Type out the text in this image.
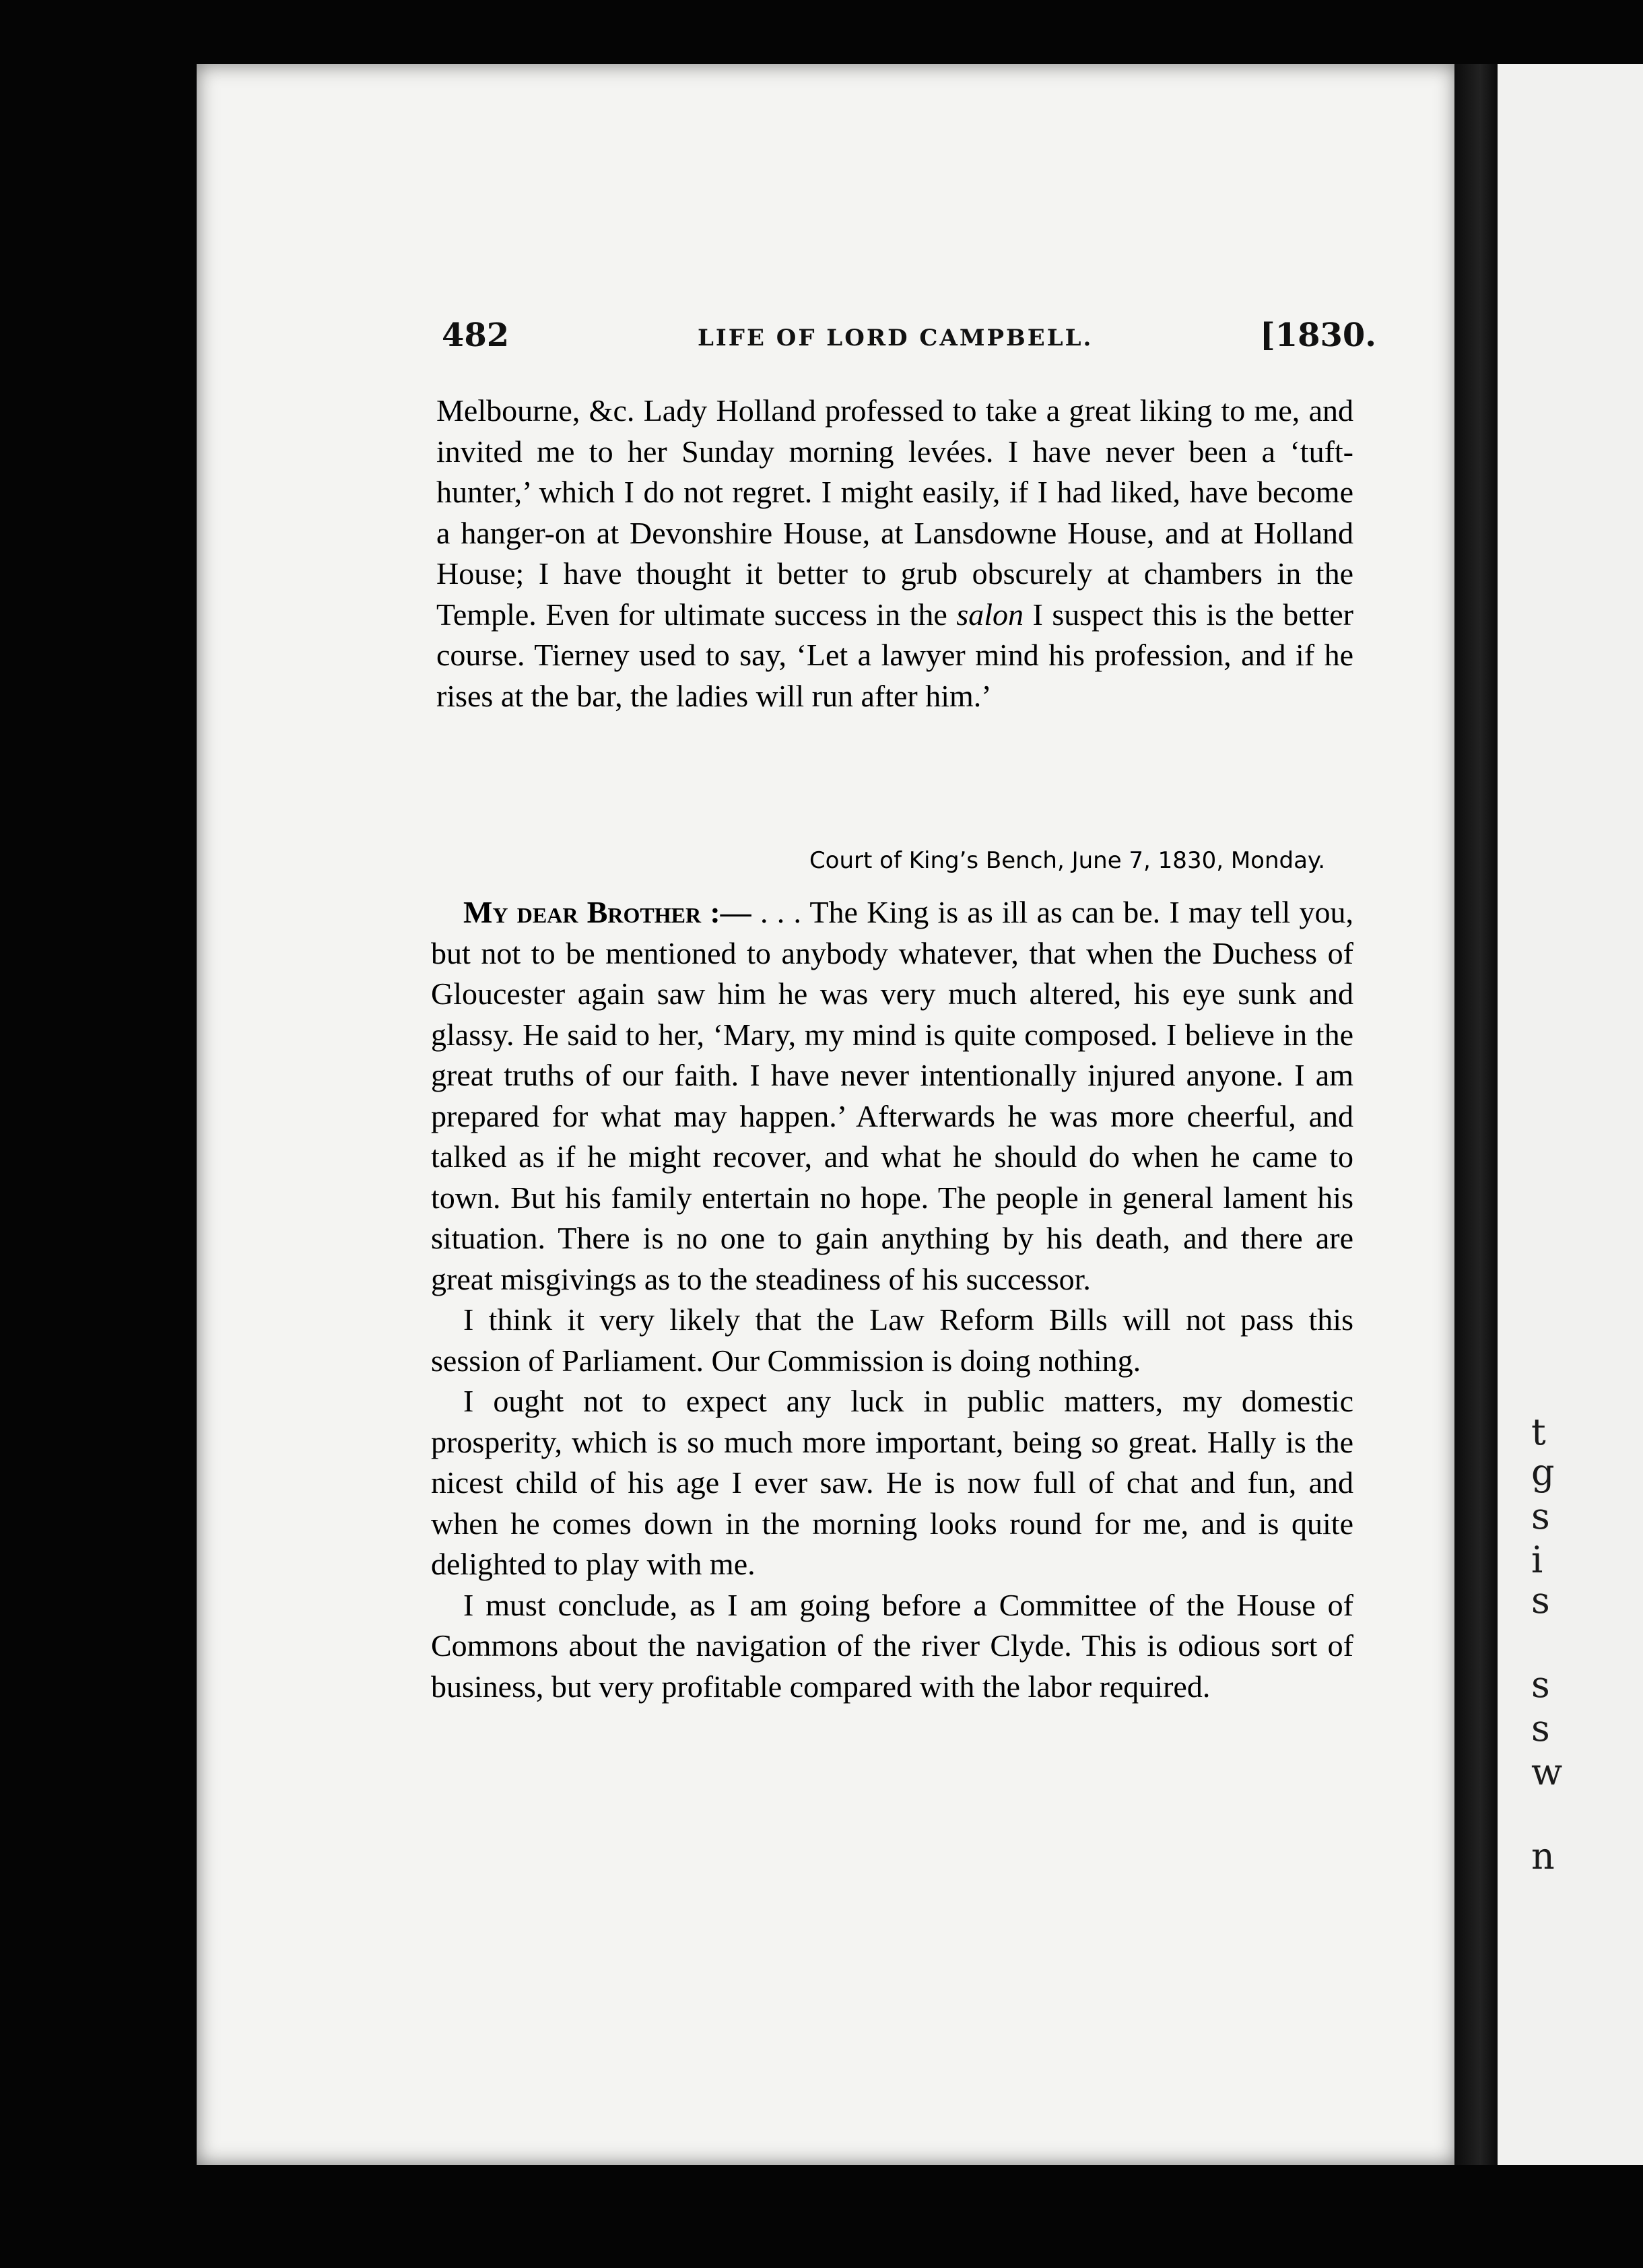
t
g
s
i
s
s
s
w
n
482	LIFE OF LORD CAMPBELL.	[1830.

Melbourne, &c. Lady Holland professed to take a great liking to me, and invited me to her Sunday morning levées. I have never been a ‘tuft-hunter,’ which I do not regret. I might easily, if I had liked, have become a hanger-on at Devonshire House, at Lansdowne House, and at Holland House; I have thought it better to grub obscurely at chambers in the Temple. Even for ultimate success in the salon I suspect this is the better course. Tierney used to say, ‘Let a lawyer mind his profession, and if he rises at the bar, the ladies will run after him.’

Court of King’s Bench, June 7, 1830, Monday.

My dear Brother :— . . . The King is as ill as can be. I may tell you, but not to be mentioned to anybody whatever, that when the Duchess of Gloucester again saw him he was very much altered, his eye sunk and glassy. He said to her, ‘Mary, my mind is quite composed. I believe in the great truths of our faith. I have never intentionally injured anyone. I am prepared for what may happen.’ Afterwards he was more cheerful, and talked as if he might recover, and what he should do when he came to town. But his family entertain no hope. The people in general lament his situation. There is no one to gain anything by his death, and there are great misgivings as to the steadiness of his successor.

I think it very likely that the Law Reform Bills will not pass this session of Parliament. Our Commission is doing nothing.

I ought not to expect any luck in public matters, my domestic prosperity, which is so much more important, being so great. Hally is the nicest child of his age I ever saw. He is now full of chat and fun, and when he comes down in the morning looks round for me, and is quite delighted to play with me.

I must conclude, as I am going before a Committee of the House of Commons about the navigation of the river Clyde. This is odious sort of business, but very profitable compared with the labor required.
